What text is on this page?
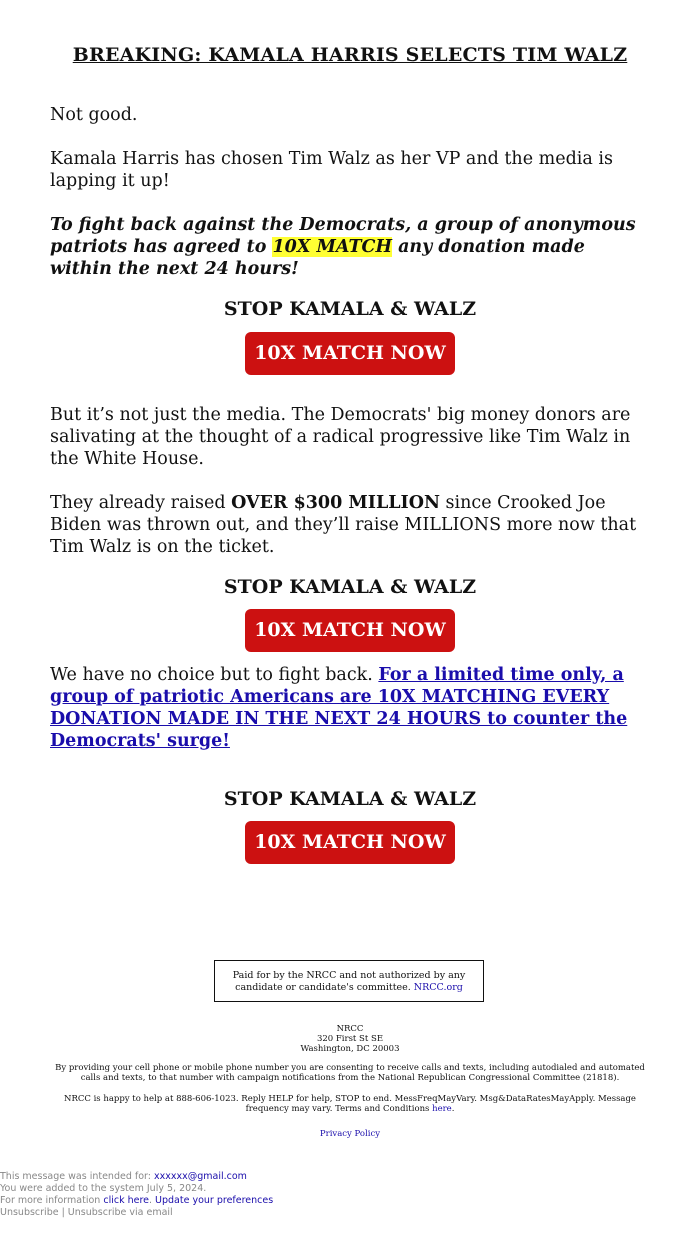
BREAKING: KAMALA HARRIS SELECTS TIM WALZ

Not good.

Kamala Harris has chosen Tim Walz as her VP and the media is lapping it up!

To fight back against the Democrats, a group of anonymous patriots has agreed to 10X MATCH any donation made within the next 24 hours!

STOP KAMALA & WALZ
10X MATCH NOW

But it’s not just the media. The Democrats' big money donors are salivating at the thought of a radical progressive like Tim Walz in the White House.

They already raised OVER $300 MILLION since Crooked Joe Biden was thrown out, and they’ll raise MILLIONS more now that Tim Walz is on the ticket.

STOP KAMALA & WALZ
10X MATCH NOW

We have no choice but to fight back. For a limited time only, a group of patriotic Americans are 10X MATCHING EVERY DONATION MADE IN THE NEXT 24 HOURS to counter the Democrats' surge!

STOP KAMALA & WALZ
10X MATCH NOW
Paid for by the NRCC and not authorized by any candidate or candidate's committee. NRCC.org
NRCC
320 First St SE
Washington, DC 20003
By providing your cell phone or mobile phone number you are consenting to receive calls and texts, including autodialed and automated calls and texts, to that number with campaign notifications from the National Republican Congressional Committee (21818).
NRCC is happy to help at 888-606-1023. Reply HELP for help, STOP to end. MessFreqMayVary. Msg&DataRatesMayApply. Message frequency may vary. Terms and Conditions here.
Privacy Policy
This message was intended for: xxxxxx@gmail.com
You were added to the system July 5, 2024.
For more information click here. Update your preferences
Unsubscribe | Unsubscribe via email
